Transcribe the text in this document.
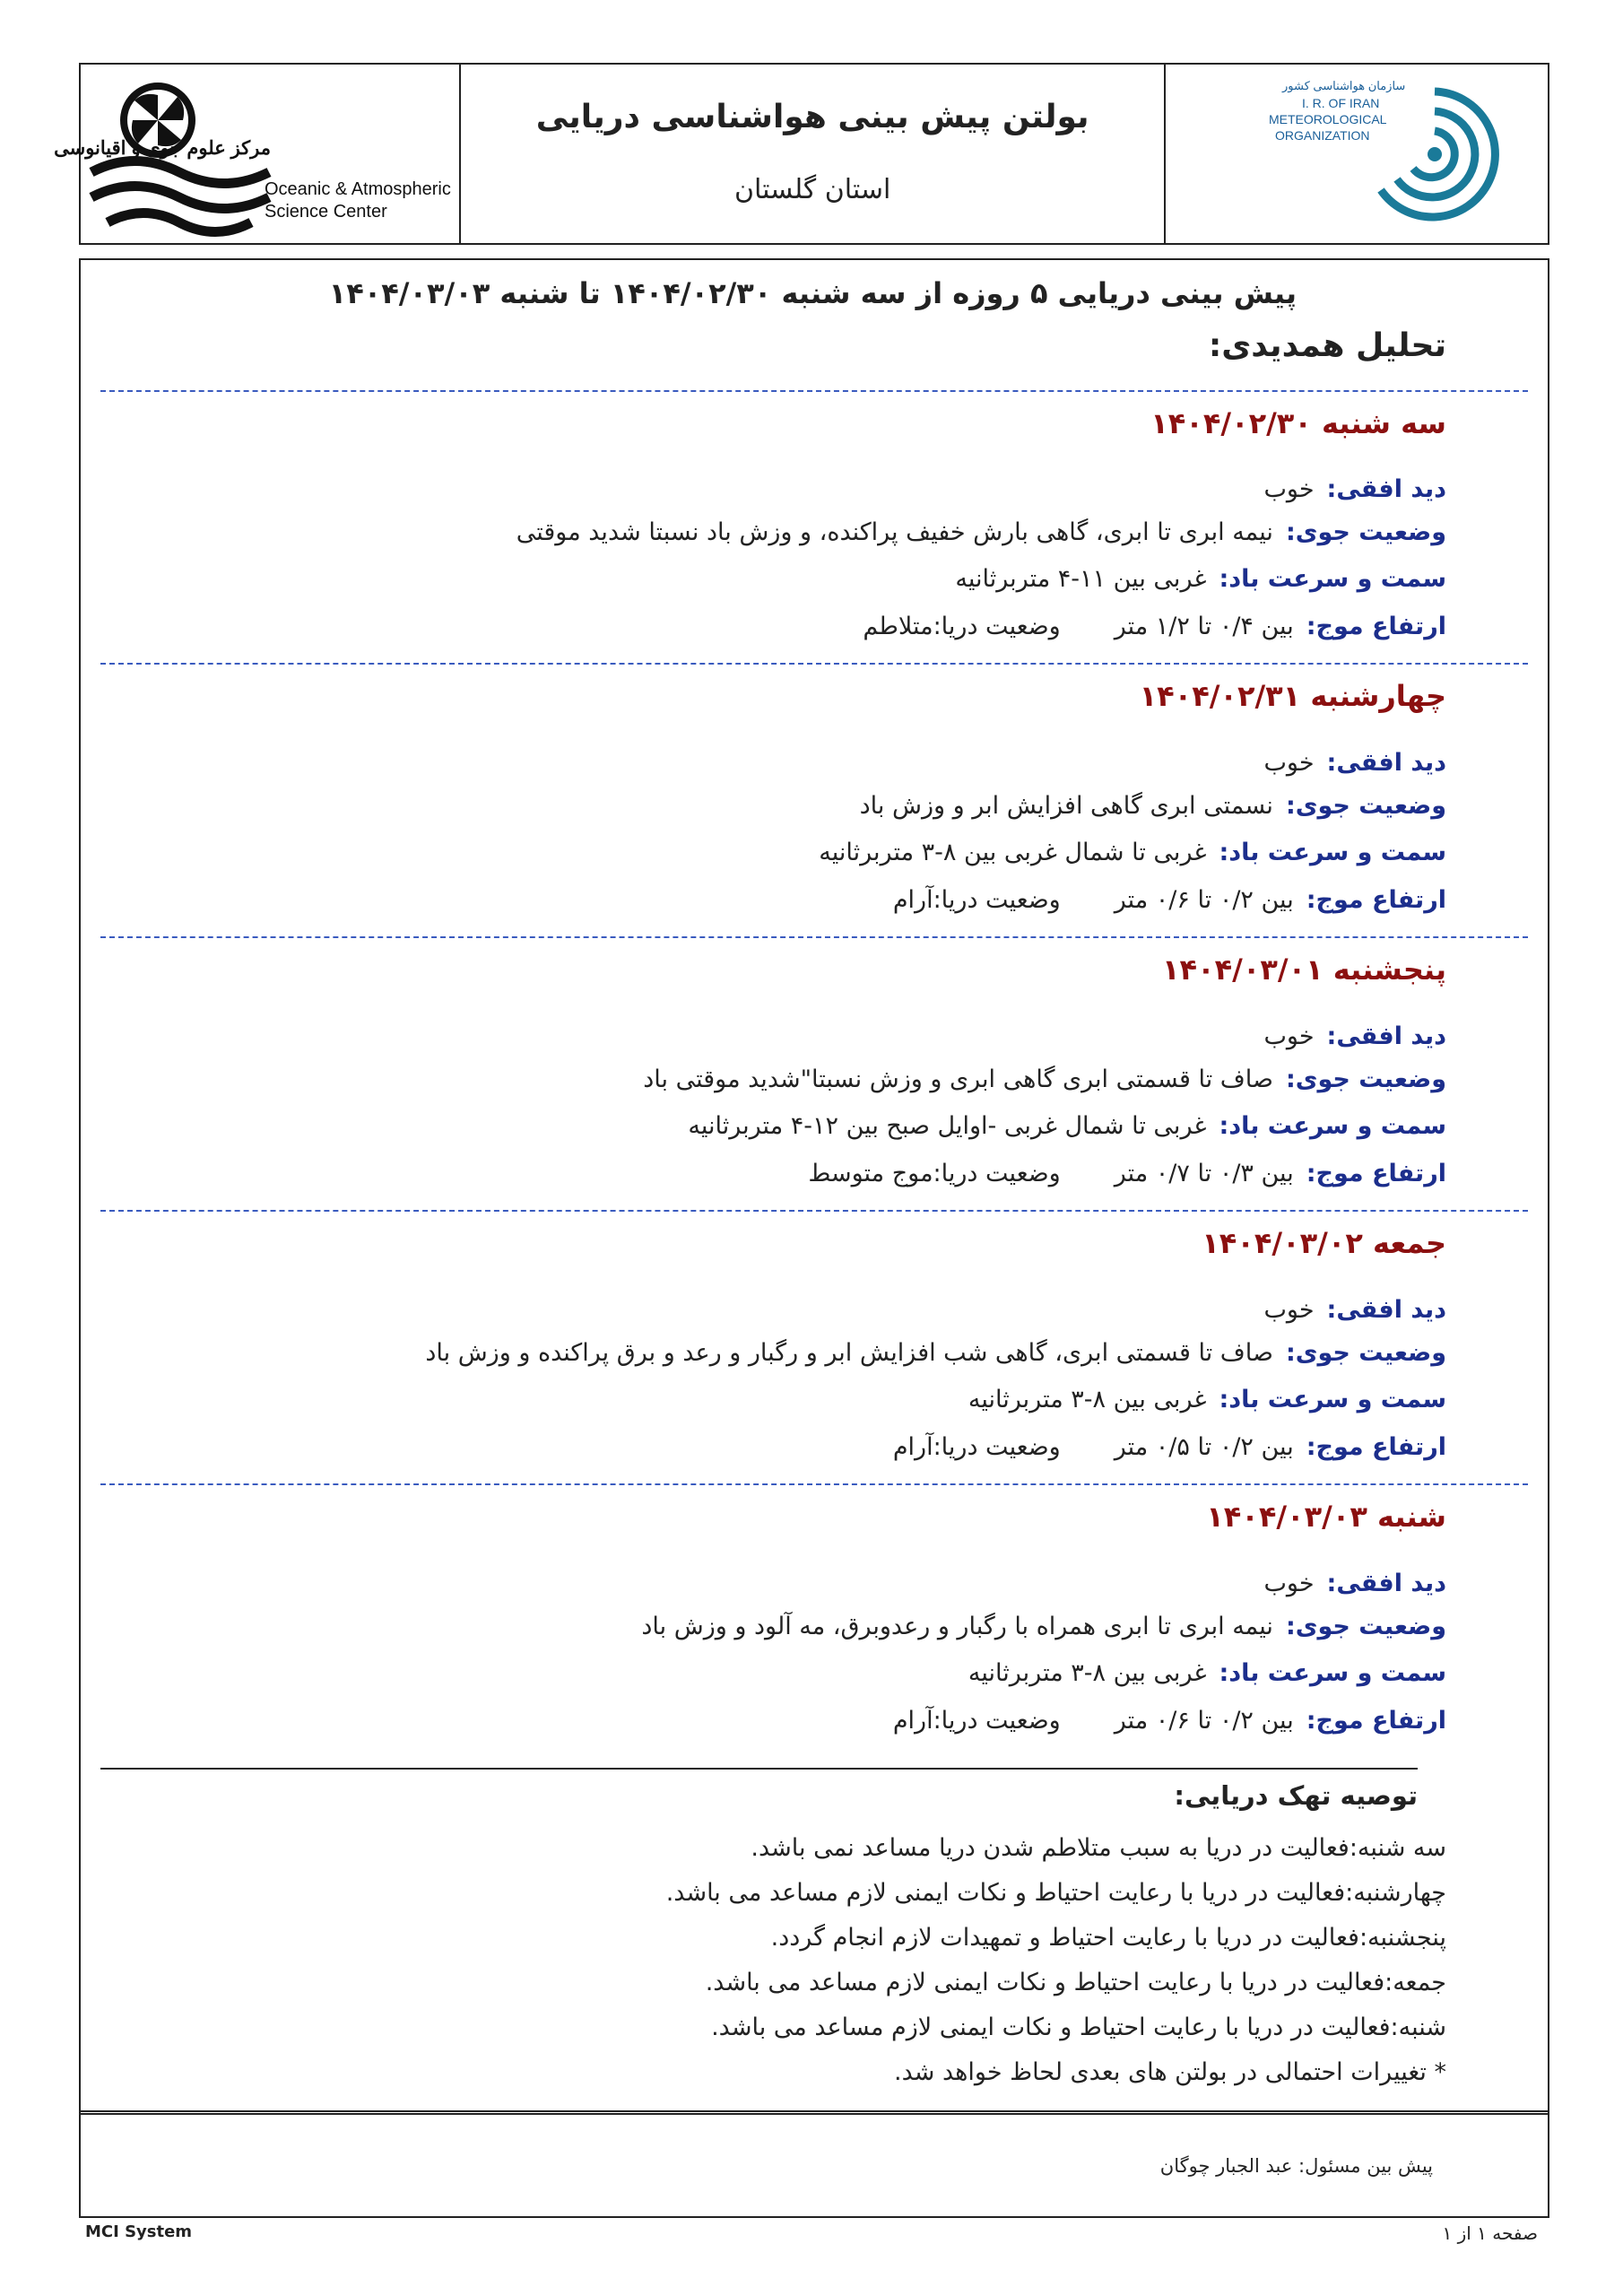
مرکز علوم جوی و اقیانوسی
Oceanic & Atmospheric
Science Center
بولتن پیش بینی هواشناسی دریایی
استان گلستان
سازمان هواشناسی کشور
I. R. OF IRAN
METEOROLOGICAL
ORGANIZATION
پیش بینی دریایی ۵ روزه از سه شنبه ۱۴۰۴/۰۲/۳۰ تا شنبه ۱۴۰۴/۰۳/۰۳
تحلیل همدیدی:
سه شنبه ۱۴۰۴/۰۲/۳۰
دید افقی:خوب
وضعیت جوی:نیمه ابری تا ابری، گاهی بارش خفیف پراکنده، و وزش باد نسبتا شدید موقتی
سمت و سرعت باد:غربی بین ۱۱-۴ متربرثانیه
ارتفاع موج:بین ۰/۴ تا ۱/۲ متروضعیت دریا:متلاطم
چهارشنبه ۱۴۰۴/۰۲/۳۱
دید افقی:خوب
وضعیت جوی:نسمتی ابری گاهی افزایش ابر و وزش باد
سمت و سرعت باد:غربی تا شمال غربی بین ۸-۳ متربرثانیه
ارتفاع موج:بین ۰/۲ تا ۰/۶ متروضعیت دریا:آرام
پنجشنبه ۱۴۰۴/۰۳/۰۱
دید افقی:خوب
وضعیت جوی:صاف تا قسمتی ابری گاهی ابری و وزش نسبتا"شدید موقتی باد
سمت و سرعت باد:غربی تا شمال غربی -اوایل صبح بین ۱۲-۴ متربرثانیه
ارتفاع موج:بین ۰/۳ تا ۰/۷ متروضعیت دریا:موج متوسط
جمعه ۱۴۰۴/۰۳/۰۲
دید افقی:خوب
وضعیت جوی:صاف تا قسمتی ابری، گاهی شب افزایش ابر و رگبار و رعد و برق پراکنده و وزش باد
سمت و سرعت باد:غربی بین ۸-۳ متربرثانیه
ارتفاع موج:بین ۰/۲ تا ۰/۵ متروضعیت دریا:آرام
شنبه ۱۴۰۴/۰۳/۰۳
دید افقی:خوب
وضعیت جوی:نیمه ابری تا ابری همراه با رگبار و رعدوبرق، مه آلود و وزش باد
سمت و سرعت باد:غربی بین ۸-۳ متربرثانیه
ارتفاع موج:بین ۰/۲ تا ۰/۶ متروضعیت دریا:آرام
توصیه تهک دریایی:
سه شنبه:فعالیت در دریا به سبب متلاطم شدن دریا مساعد نمی باشد.
چهارشنبه:فعالیت در دریا با رعایت احتیاط و نکات ایمنی لازم مساعد می باشد.
پنجشنبه:فعالیت در دریا با رعایت احتیاط و تمهیدات لازم انجام گردد.
جمعه:فعالیت در دریا با رعایت احتیاط و نکات ایمنی لازم مساعد می باشد.
شنبه:فعالیت در دریا با رعایت احتیاط و نکات ایمنی لازم مساعد می باشد.
* تغییرات احتمالی در بولتن های بعدی لحاظ خواهد شد.
پیش بین مسئول: عبد الجبار چوگان
MCI System	صفحه ۱ از ۱
